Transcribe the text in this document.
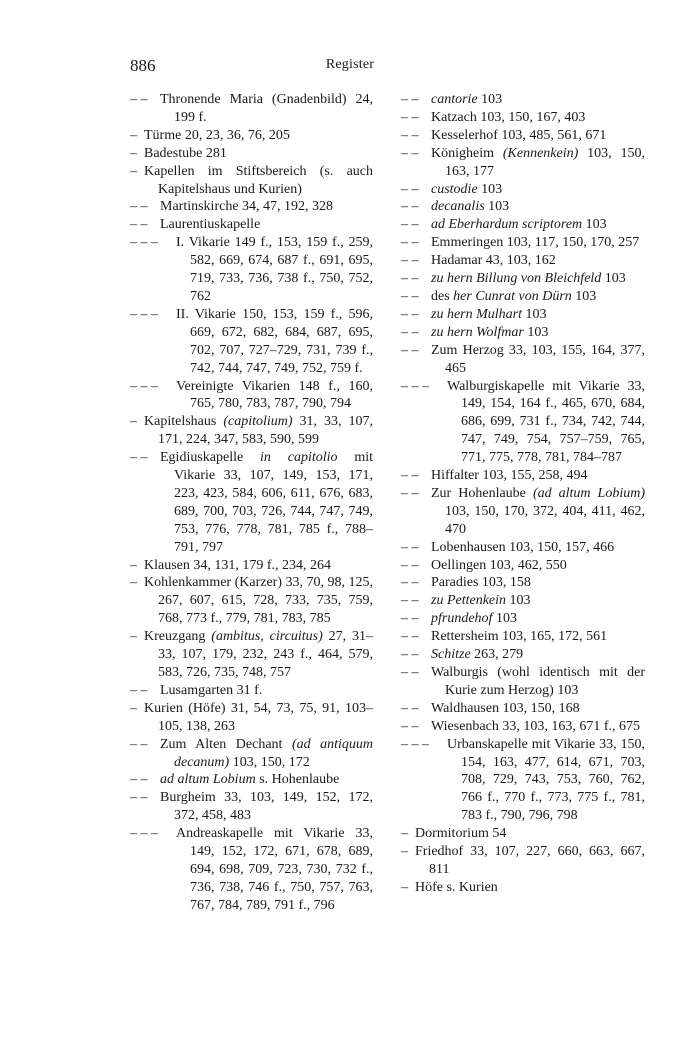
886	Register
– – Thronende Maria (Gnadenbild) 24, 199 f.
– Türme 20, 23, 36, 76, 205
– Badestube 281
– Kapellen im Stiftsbereich (s. auch Kapitelshaus und Kurien)
– – Martinskirche 34, 47, 192, 328
– – Laurentiuskapelle
– – – I. Vikarie 149 f., 153, 159 f., 259, 582, 669, 674, 687 f., 691, 695, 719, 733, 736, 738 f., 750, 752, 762
– – – II. Vikarie 150, 153, 159 f., 596, 669, 672, 682, 684, 687, 695, 702, 707, 727–729, 731, 739 f., 742, 744, 747, 749, 752, 759 f.
– – – Vereinigte Vikarien 148 f., 160, 765, 780, 783, 787, 790, 794
– Kapitelshaus (capitolium) 31, 33, 107, 171, 224, 347, 583, 590, 599
– – Egidiuskapelle in capitolio mit Vikarie 33, 107, 149, 153, 171, 223, 423, 584, 606, 611, 676, 683, 689, 700, 703, 726, 744, 747, 749, 753, 776, 778, 781, 785 f., 788–791, 797
– Klausen 34, 131, 179 f., 234, 264
– Kohlenkammer (Karzer) 33, 70, 98, 125, 267, 607, 615, 728, 733, 735, 759, 768, 773 f., 779, 781, 783, 785
– Kreuzgang (ambitus, circuitus) 27, 31–33, 107, 179, 232, 243 f., 464, 579, 583, 726, 735, 748, 757
– – Lusamgarten 31 f.
– Kurien (Höfe) 31, 54, 73, 75, 91, 103–105, 138, 263
– – Zum Alten Dechant (ad antiquum decanum) 103, 150, 172
– – ad altum Lobium s. Hohenlaube
– – Burgheim 33, 103, 149, 152, 172, 372, 458, 483
– – – Andreaskapelle mit Vikarie 33, 149, 152, 172, 671, 678, 689, 694, 698, 709, 723, 730, 732 f., 736, 738, 746 f., 750, 757, 763, 767, 784, 789, 791 f., 796
– – cantorie 103
– – Katzach 103, 150, 167, 403
– – Kesselerhof 103, 485, 561, 671
– – Königheim (Kennenkein) 103, 150, 163, 177
– – custodie 103
– – decanalis 103
– – ad Eberhardum scriptorem 103
– – Emmeringen 103, 117, 150, 170, 257
– – Hadamar 43, 103, 162
– – zu hern Billung von Bleichfeld 103
– – des her Cunrat von Dürn 103
– – zu hern Mulhart 103
– – zu hern Wolfmar 103
– – Zum Herzog 33, 103, 155, 164, 377, 465
– – – Walburgiskapelle mit Vikarie 33, 149, 154, 164 f., 465, 670, 684, 686, 699, 731 f., 734, 742, 744, 747, 749, 754, 757–759, 765, 771, 775, 778, 781, 784–787
– – Hiffalter 103, 155, 258, 494
– – Zur Hohenlaube (ad altum Lobium) 103, 150, 170, 372, 404, 411, 462, 470
– – Lobenhausen 103, 150, 157, 466
– – Oellingen 103, 462, 550
– – Paradies 103, 158
– – zu Pettenkein 103
– – pfrundehof 103
– – Rettersheim 103, 165, 172, 561
– – Schitze 263, 279
– – Walburgis (wohl identisch mit der Kurie zum Herzog) 103
– – Waldhausen 103, 150, 168
– – Wiesenbach 33, 103, 163, 671 f., 675
– – – Urbanskapelle mit Vikarie 33, 150, 154, 163, 477, 614, 671, 703, 708, 729, 743, 753, 760, 762, 766 f., 770 f., 773, 775 f., 781, 783 f., 790, 796, 798
– Dormitorium 54
– Friedhof 33, 107, 227, 660, 663, 667, 811
– Höfe s. Kurien
